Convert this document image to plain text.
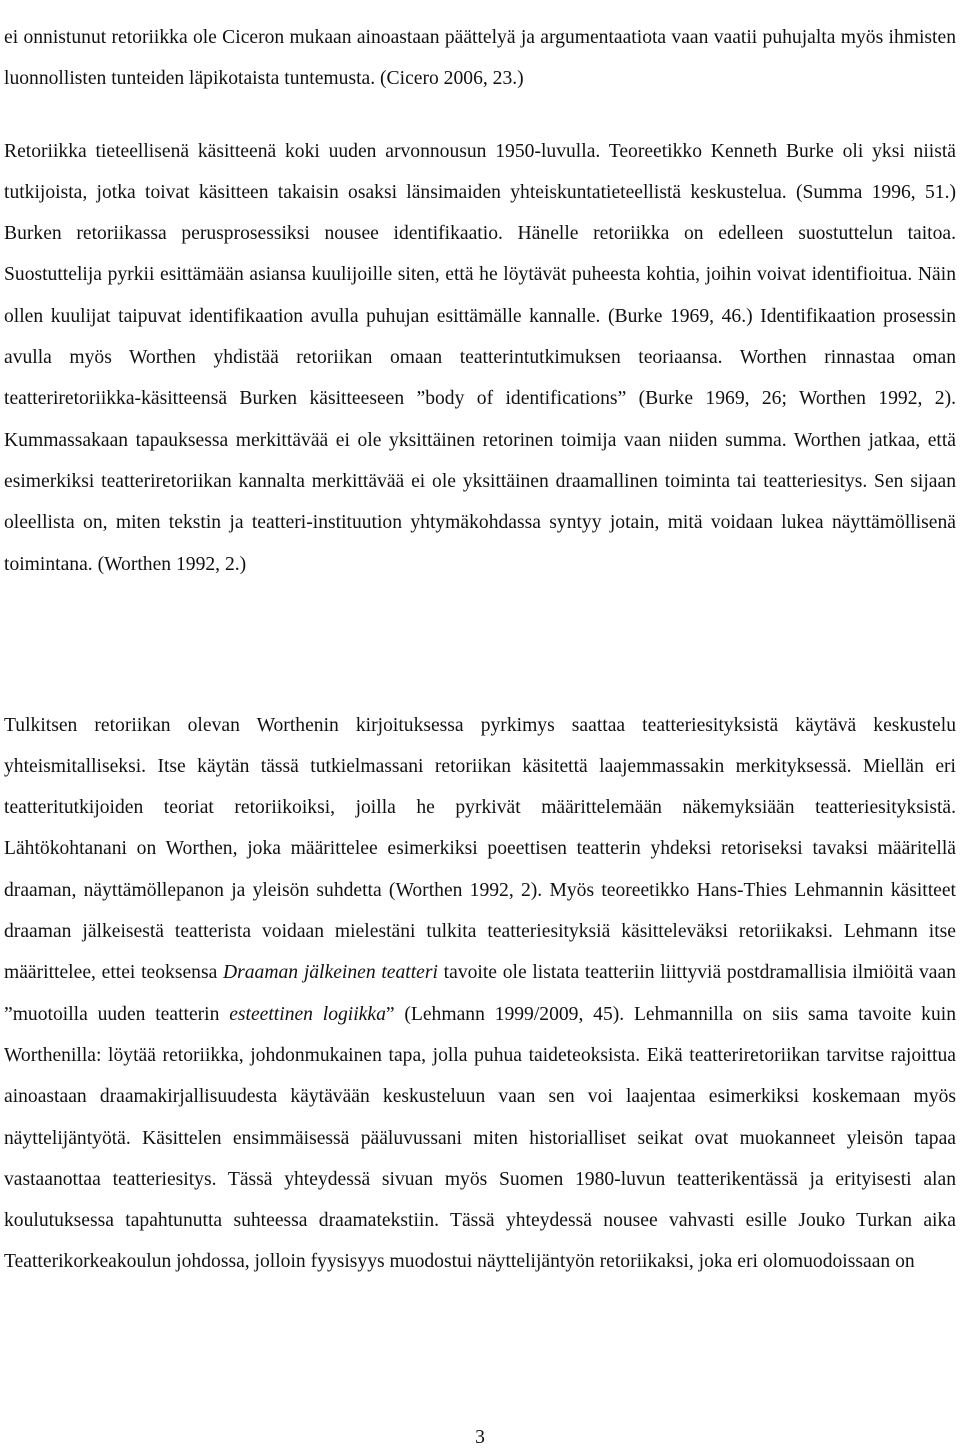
ei onnistunut retoriikka ole Ciceron mukaan ainoastaan päättelyä ja argumentaatiota vaan vaatii puhujalta myös ihmisten luonnollisten tunteiden läpikotaista tuntemusta. (Cicero 2006, 23.)

Retoriikka tieteellisenä käsitteenä koki uuden arvonnousun 1950-luvulla. Teoreetikko Kenneth Burke oli yksi niistä tutkijoista, jotka toivat käsitteen takaisin osaksi länsimaiden yhteiskuntatieteellistä keskustelua. (Summa 1996, 51.) Burken retoriikassa perusprosessiksi nousee identifikaatio. Hänelle retoriikka on edelleen suostuttelun taitoa. Suostuttelija pyrkii esittämään asiansa kuulijoille siten, että he löytävät puheesta kohtia, joihin voivat identifioitua. Näin ollen kuulijat taipuvat identifikaation avulla puhujan esittämälle kannalle. (Burke 1969, 46.) Identifikaation prosessin avulla myös Worthen yhdistää retoriikan omaan teatterintutkimuksen teoriaansa. Worthen rinnastaa oman teatteriretoriikka-käsitteensä Burken käsitteeseen ”body of identifications” (Burke 1969, 26; Worthen 1992, 2). Kummassakaan tapauksessa merkittävää ei ole yksittäinen retorinen toimija vaan niiden summa. Worthen jatkaa, että esimerkiksi teatteriretoriikan kannalta merkittävää ei ole yksittäinen draamallinen toiminta tai teatteriesitys. Sen sijaan oleellista on, miten tekstin ja teatteri-instituution yhtymäkohdassa syntyy jotain, mitä voidaan lukea näyttämöllisenä toimintana. (Worthen 1992, 2.)

Tulkitsen retoriikan olevan Worthenin kirjoituksessa pyrkimys saattaa teatteriesityksistä käytävä keskustelu yhteismitalliseksi. Itse käytän tässä tutkielmassani retoriikan käsitettä laajemmassakin merkityksessä. Miellän eri teatteritutkijoiden teoriat retoriikoiksi, joilla he pyrkivät määrittelemään näkemyksiään teatteriesityksistä. Lähtökohtanani on Worthen, joka määrittelee esimerkiksi poeettisen teatterin yhdeksi retoriseksi tavaksi määritellä draaman, näyttämöllepanon ja yleisön suhdetta (Worthen 1992, 2). Myös teoreetikko Hans-Thies Lehmannin käsitteet draaman jälkeisestä teatterista voidaan mielestäni tulkita teatteriesityksiä käsitteleväksi retoriikaksi. Lehmann itse määrittelee, ettei teoksensa Draaman jälkeinen teatteri tavoite ole listata teatteriin liittyviä postdramallisia ilmiöitä vaan ”muotoilla uuden teatterin esteettinen logiikka” (Lehmann 1999/2009, 45). Lehmannilla on siis sama tavoite kuin Worthenilla: löytää retoriikka, johdonmukainen tapa, jolla puhua taideteoksista. Eikä teatteriretoriikan tarvitse rajoittua ainoastaan draamakirjallisuudesta käytävään keskusteluun vaan sen voi laajentaa esimerkiksi koskemaan myös näyttelijäntyötä. Käsittelen ensimmäisessä pääluvussani miten historialliset seikat ovat muokanneet yleisön tapaa vastaanottaa teatteriesitys. Tässä yhteydessä sivuan myös Suomen 1980-luvun teatterikentässä ja erityisesti alan koulutuksessa tapahtunutta suhteessa draamatekstiin. Tässä yhteydessä nousee vahvasti esille Jouko Turkan aika Teatterikorkeakoulun johdossa, jolloin fyysisyys muodostui näyttelijäntyön retoriikaksi, joka eri olomuodoissaan on

3
